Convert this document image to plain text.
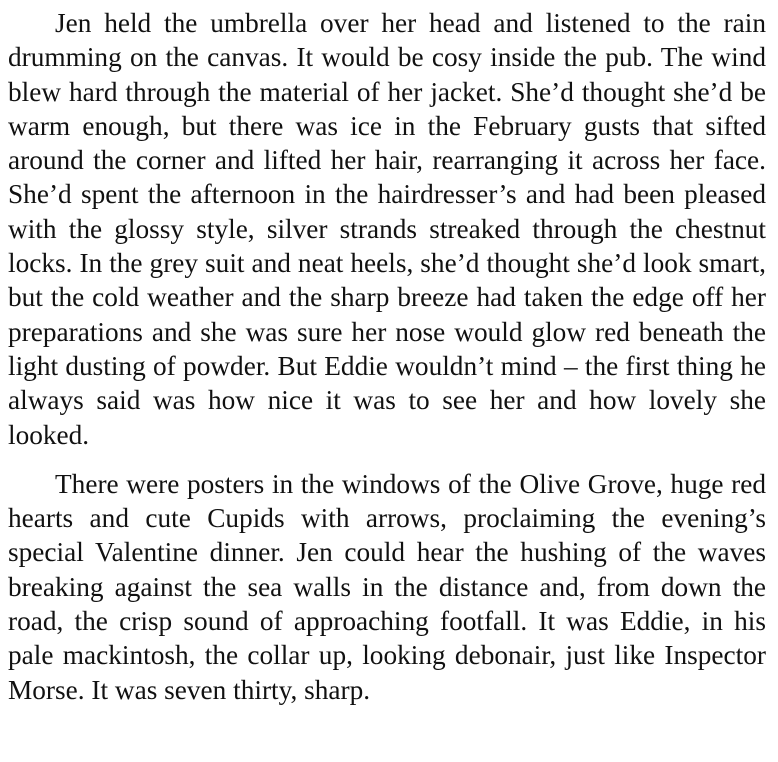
Jen held the umbrella over her head and listened to the rain drumming on the canvas. It would be cosy inside the pub. The wind blew hard through the material of her jacket. She’d thought she’d be warm enough, but there was ice in the February gusts that sifted around the corner and lifted her hair, rearranging it across her face. She’d spent the afternoon in the hairdresser’s and had been pleased with the glossy style, silver strands streaked through the chestnut locks. In the grey suit and neat heels, she’d thought she’d look smart, but the cold weather and the sharp breeze had taken the edge off her preparations and she was sure her nose would glow red beneath the light dusting of powder. But Eddie wouldn’t mind – the first thing he always said was how nice it was to see her and how lovely she looked.

There were posters in the windows of the Olive Grove, huge red hearts and cute Cupids with arrows, proclaiming the evening’s special Valentine dinner. Jen could hear the hushing of the waves breaking against the sea walls in the distance and, from down the road, the crisp sound of approaching footfall. It was Eddie, in his pale mackintosh, the collar up, looking debonair, just like Inspector Morse. It was seven thirty, sharp.
